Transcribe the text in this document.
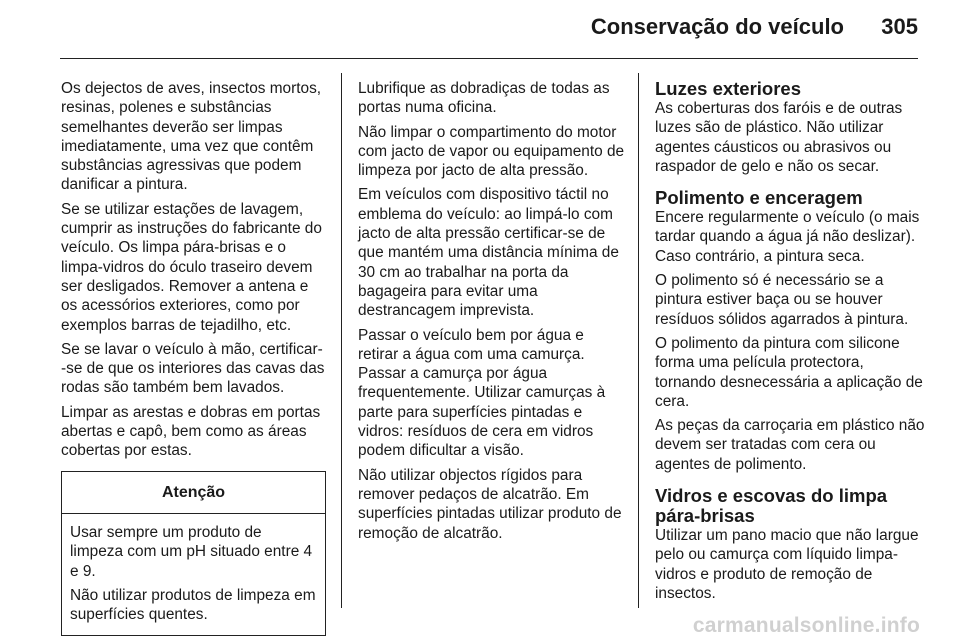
Conservação do veículo 305

Os dejectos de aves, insectos mortos, resinas, polenes e substâncias semelhantes deverão ser limpas imediatamente, uma vez que contêm substâncias agressivas que podem danificar a pintura.

Se se utilizar estações de lavagem, cumprir as instruções do fabricante do veículo. Os limpa pára-brisas e o limpa-vidros do óculo traseiro devem ser desligados. Remover a antena e os acessórios exteriores, como por exemplos barras de tejadilho, etc.

Se se lavar o veículo à mão, certificar--se de que os interiores das cavas das rodas são também bem lavados.

Limpar as arestas e dobras em portas abertas e capô, bem como as áreas cobertas por estas.

Atenção

Usar sempre um produto de limpeza com um pH situado entre 4 e 9.

Não utilizar produtos de limpeza em superfícies quentes.

Lubrifique as dobradiças de todas as portas numa oficina.

Não limpar o compartimento do motor com jacto de vapor ou equipamento de limpeza por jacto de alta pressão.

Em veículos com dispositivo táctil no emblema do veículo: ao limpá-lo com jacto de alta pressão certificar-se de que mantém uma distância mínima de 30 cm ao trabalhar na porta da bagageira para evitar uma destrancagem imprevista.

Passar o veículo bem por água e retirar a água com uma camurça. Passar a camurça por água frequentemente. Utilizar camurças à parte para superfícies pintadas e vidros: resíduos de cera em vidros podem dificultar a visão.

Não utilizar objectos rígidos para remover pedaços de alcatrão. Em superfícies pintadas utilizar produto de remoção de alcatrão.

Luzes exteriores

As coberturas dos faróis e de outras luzes são de plástico. Não utilizar agentes cáusticos ou abrasivos ou raspador de gelo e não os secar.

Polimento e enceragem

Encere regularmente o veículo (o mais tardar quando a água já não deslizar). Caso contrário, a pintura seca.

O polimento só é necessário se a pintura estiver baça ou se houver resíduos sólidos agarrados à pintura.

O polimento da pintura com silicone forma uma película protectora, tornando desnecessária a aplicação de cera.

As peças da carroçaria em plástico não devem ser tratadas com cera ou agentes de polimento.

Vidros e escovas do limpa pára-brisas

Utilizar um pano macio que não largue pelo ou camurça com líquido limpa-vidros e produto de remoção de insectos.

carmanualsonline.info
